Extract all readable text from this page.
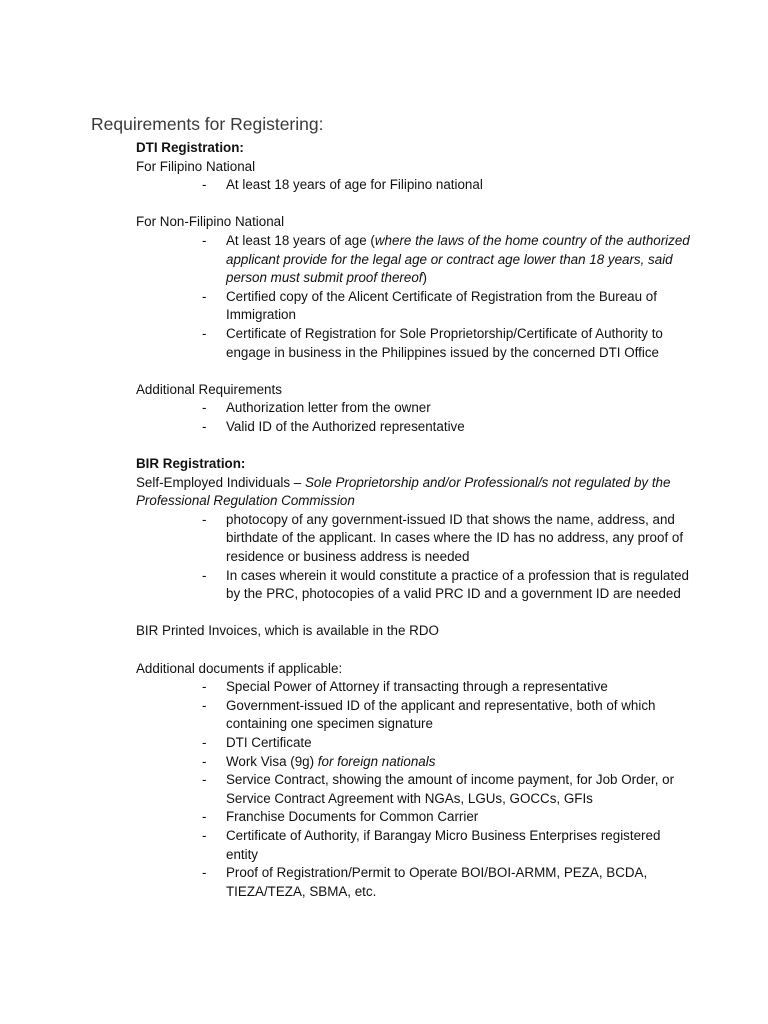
Requirements for Registering:

DTI Registration:

For Filipino National

- At least 18 years of age for Filipino national

For Non-Filipino National

- At least 18 years of age (where the laws of the home country of the authorized applicant provide for the legal age or contract age lower than 18 years, said person must submit proof thereof)
- Certified copy of the Alicent Certificate of Registration from the Bureau of Immigration
- Certificate of Registration for Sole Proprietorship/Certificate of Authority to engage in business in the Philippines issued by the concerned DTI Office

Additional Requirements

- Authorization letter from the owner
- Valid ID of the Authorized representative

BIR Registration:

Self-Employed Individuals – Sole Proprietorship and/or Professional/s not regulated by the Professional Regulation Commission

- photocopy of any government-issued ID that shows the name, address, and birthdate of the applicant. In cases where the ID has no address, any proof of residence or business address is needed
- In cases wherein it would constitute a practice of a profession that is regulated by the PRC, photocopies of a valid PRC ID and a government ID are needed

BIR Printed Invoices, which is available in the RDO

Additional documents if applicable:

- Special Power of Attorney if transacting through a representative
- Government-issued ID of the applicant and representative, both of which containing one specimen signature
- DTI Certificate
- Work Visa (9g) for foreign nationals
- Service Contract, showing the amount of income payment, for Job Order, or Service Contract Agreement with NGAs, LGUs, GOCCs, GFIs
- Franchise Documents for Common Carrier
- Certificate of Authority, if Barangay Micro Business Enterprises registered entity
- Proof of Registration/Permit to Operate BOI/BOI-ARMM, PEZA, BCDA, TIEZA/TEZA, SBMA, etc.
